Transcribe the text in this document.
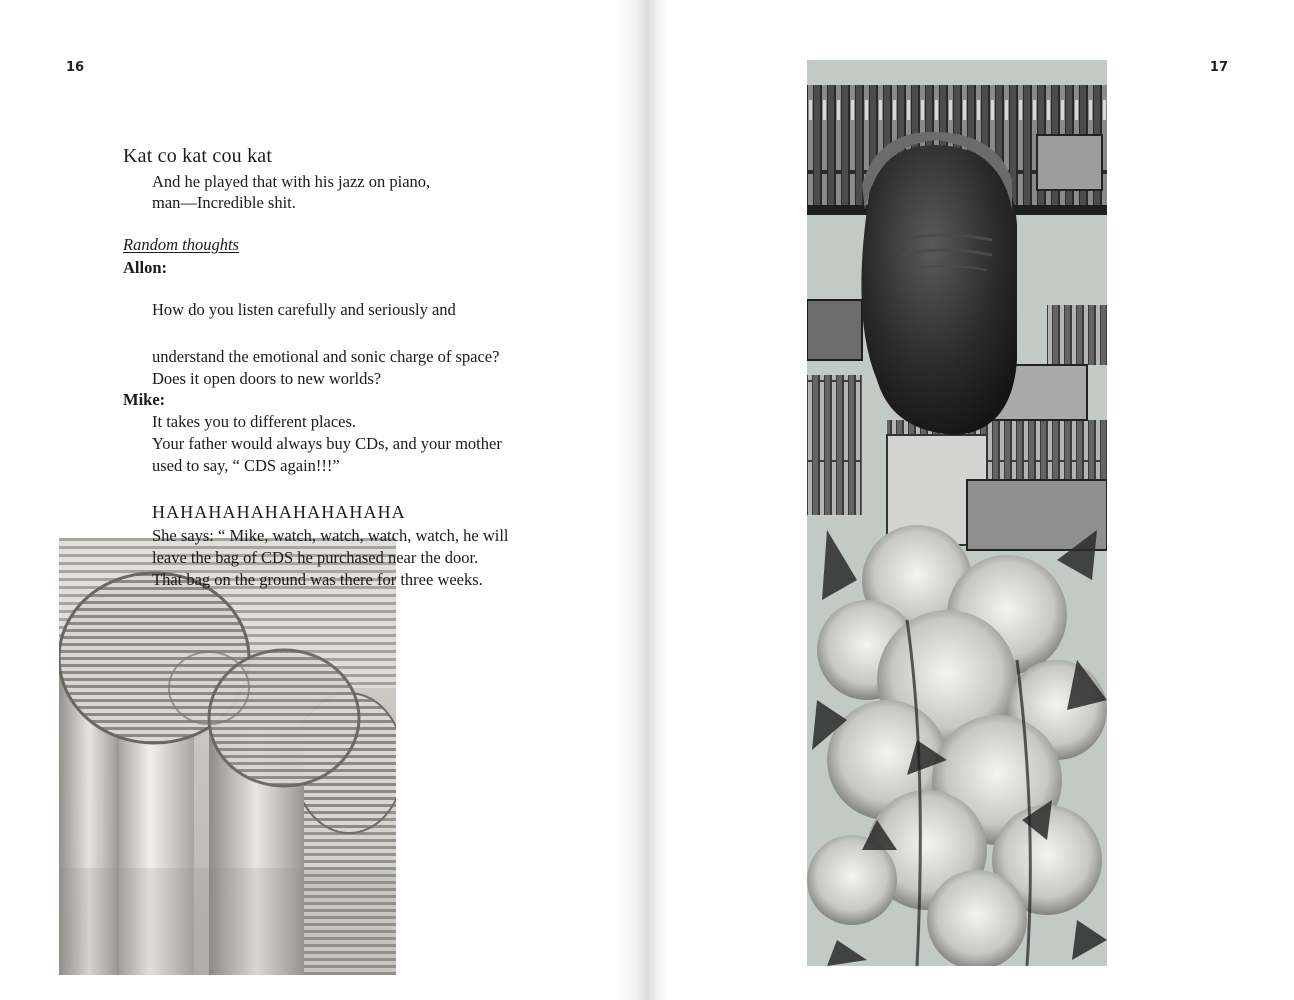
16
Kat co kat cou kat
And he played that with his jazz on piano,
man—Incredible shit.
Random thoughts
Allon:
How do you listen carefully and seriously and
understand the emotional and sonic charge of space?
Does it open doors to new worlds?
Mike:
It takes you to different places.
Your father would always buy CDs, and your mother
used to say, “ CDS again!!!”
HAHAHAHAHAHAHAHAHA
She says: “ Mike, watch, watch, watch, watch, he will
leave the bag of CDS he purchased near the door.
That bag on the ground was there for three weeks.
17
